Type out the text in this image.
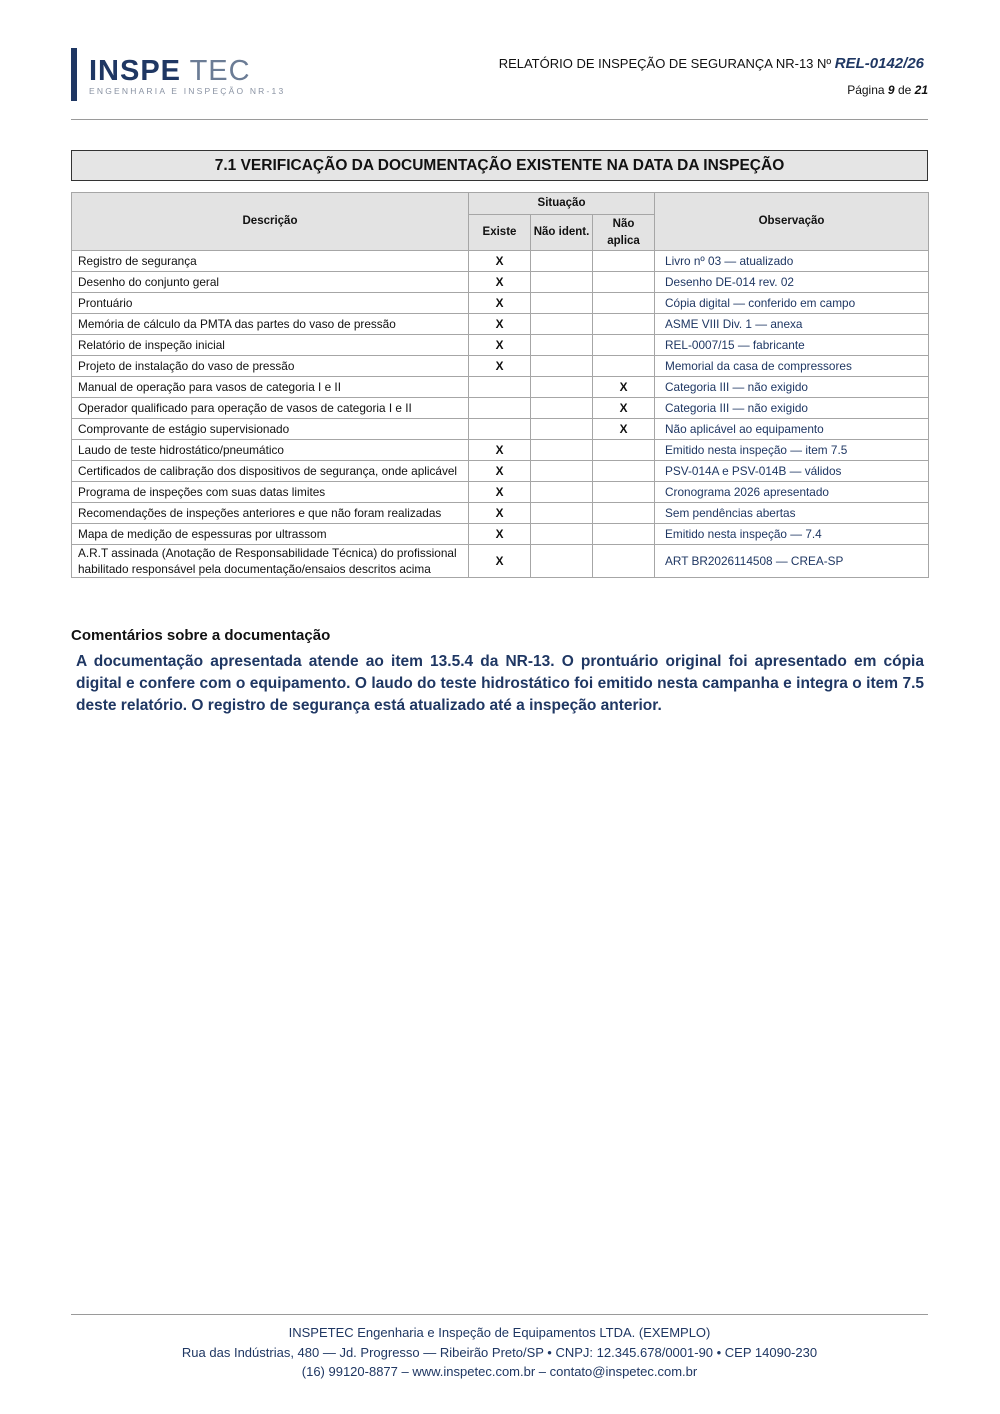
INSPE TEC
ENGENHARIA E INSPEÇÃO NR-13
RELATÓRIO DE INSPEÇÃO DE SEGURANÇA NR-13 Nº REL-0142/26
Página 9 de 21
7.1 VERIFICAÇÃO DA DOCUMENTAÇÃO EXISTENTE NA DATA DA INSPEÇÃO
Descrição	Situação			Observação
	Existe	Não ident.	Não aplica	
Registro de segurança	X			Livro nº 03 — atualizado
Desenho do conjunto geral	X			Desenho DE-014 rev. 02
Prontuário	X			Cópia digital — conferido em campo
Memória de cálculo da PMTA das partes do vaso de pressão	X			ASME VIII Div. 1 — anexa
Relatório de inspeção inicial	X			REL-0007/15 — fabricante
Projeto de instalação do vaso de pressão	X			Memorial da casa de compressores
Manual de operação para vasos de categoria I e II			X	Categoria III — não exigido
Operador qualificado para operação de vasos de categoria I e II			X	Categoria III — não exigido
Comprovante de estágio supervisionado			X	Não aplicável ao equipamento
Laudo de teste hidrostático/pneumático	X			Emitido nesta inspeção — item 7.5
Certificados de calibração dos dispositivos de segurança, onde aplicável	X			PSV-014A e PSV-014B — válidos
Programa de inspeções com suas datas limites	X			Cronograma 2026 apresentado
Recomendações de inspeções anteriores e que não foram realizadas	X			Sem pendências abertas
Mapa de medição de espessuras por ultrassom	X			Emitido nesta inspeção — 7.4
A.R.T assinada (Anotação de Responsabilidade Técnica) do profissional habilitado responsável pela documentação/ensaios descritos acima	X			ART BR2026114508 — CREA-SP
Comentários sobre a documentação
A documentação apresentada atende ao item 13.5.4 da NR-13. O prontuário original foi apresentado em cópia digital e confere com o equipamento. O laudo do teste hidrostático foi emitido nesta campanha e integra o item 7.5 deste relatório. O registro de segurança está atualizado até a inspeção anterior.
INSPETEC Engenharia e Inspeção de Equipamentos LTDA. (EXEMPLO)
Rua das Indústrias, 480 — Jd. Progresso — Ribeirão Preto/SP • CNPJ: 12.345.678/0001-90 • CEP 14090-230
(16) 99120-8877 – www.inspetec.com.br – contato@inspetec.com.br
